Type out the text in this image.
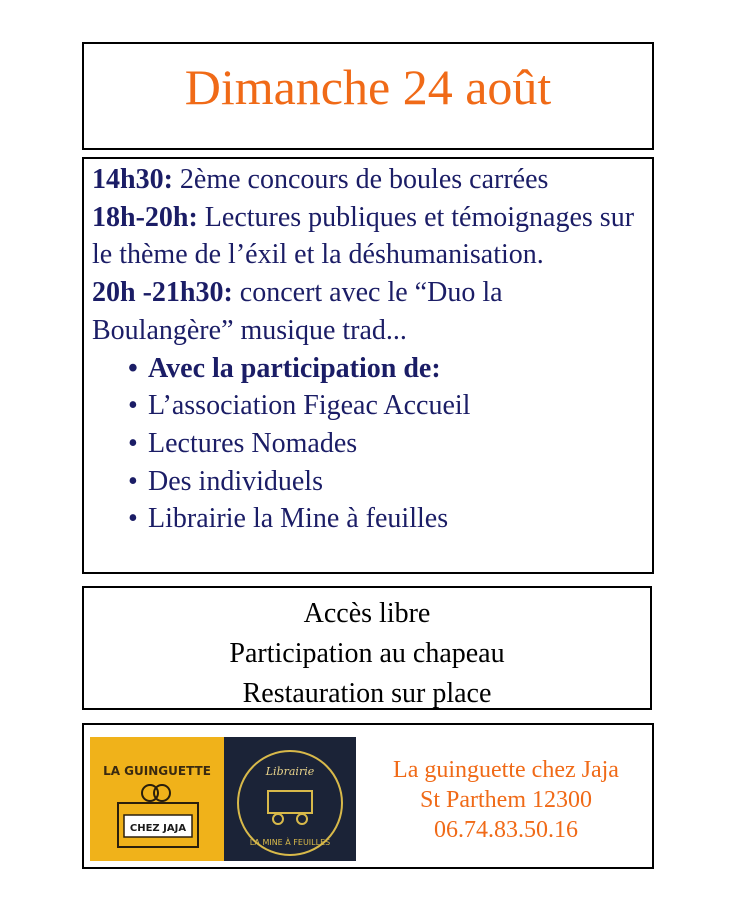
Dimanche 24 août

14h30: 2ème concours de boules carrées

18h-20h: Lectures publiques et témoignages sur le thème de l’éxil et la déshumanisation.

20h -21h30: concert avec le “Duo la Boulangère” musique trad...

• Avec la participation de:
• L’association Figeac Accueil
• Lectures Nomades
• Des individuels
• Librairie la Mine à feuilles
Accès libre
Participation au chapeau
Restauration sur place
LA GUINGUETTE
CHEZ JAJA
Librairie
LA MINE À FEUILLES
La guinguette chez Jaja
St Parthem 12300
06.74.83.50.16
